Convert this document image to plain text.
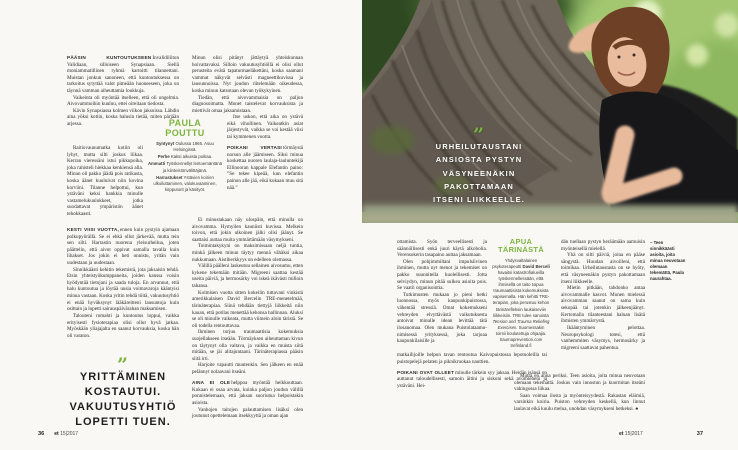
PÄÄSIN KUNTOUTUKSEENInvalidiliiton Validiaan, silloiseen Synapsiaan. Siellä moniammatillinen ryhmä kartoitti tilannettani. Muistan jonkun sanoneen, että kuntoutuksessa on tarkoitus sytyttää valot pimeään huoneeseen, joka on täynnä vamman aiheuttamia loukkuja.

Vaikeinta oli myöntää itselleen, että oli ongelmia. Aivovammoihin kuuluu, ettei oireitaan tiedosta.

Kävin Synapsiassa kolmen viikon jaksoissa. Lähdin aina yöksi kotiin, koska halusin tietää, miten pärjään arjessa.

Raitiovaunumatka kotiin oli lyhyt, mutta silti joskus liikaa. Kerran vieressäni istui pikkupoika, joka rahisteli hiekkaa kenkiensä alla. Minun oli pakko jäädä pois ratikasta, koska äänet kuuluivat niin kovina korviini. Tilanne helpottui, kun ystäväni keksi hankkia minulle vastamelukuulokkeet, jotka suodattavat ympäristön äänet tehokkaasti.

PAULA
POUTTU
Syntynyt Oulussa 1966. Asuu Helsingissä.
Perhe Kaksi aikuista poikaa.
Ammatti Työskennellyt lentoemäntänä ja kiinteistönvälittäjänä.
Harrastukset Ystävien koirien ulkoiluttaminen, valokuvaaminen, kirpputorit ja käsityöt.

KESTI VIISI VUOTTA,ennen kuin pystyin ajamaan polkupyörällä. Se ei ehkä ollut järkevää, mutta tein sen silti. Harrastin nuorena yleisurheilua, joten päättelin, että aivot oppivat samalla tavalla kuin lihakset. Jos jokin ei heti onnistu, yritän vain uudestaan ja uudestaan.

Sinnikkäästi kehitin tekemistä, jota jaksaisin tehdä. Etsin yhteistyökumppaneita, joiden kanssa voisin hyödyntää tietojani ja saada tuloja. En arvannut, että halu kuntoutua ja löytää uusia voimavaroja kääntyisi minua vastaan. Koska yritin tehdä töitä, vakuutusyhtiö ei enää hyväksynyt lääkäreitteni lausuntoja kuin osittain ja lopetti sairauspäivärahan maksamisen.

Talouteni romahti ja kuntoutus loppui, vaikka erityisesti fysioterapiaa olisi ollut hyvä jatkaa. Myöskään yliajajalta en saanut korvauksia, koska hän oli varaton.

”
YRITTÄMINEN
KOSTAUTUI.
VAKUUTUSYHTIÖ
LOPETTI TUEN.

Minun olisi pitänyt jättäytyä yhteiskunnan hoivattavaksi. Silloin vakuutusyhtiöllä ei olisi ollut perusteita evätä tapaturmaeläkettäni, koska saamani vammat näkyvät selvästi magneettikuvissa ja lausunnoissa. Nyt joudun riitelemään oikeudessa, koska minun katsotaan olevan työkykyinen.

Tiedän, että aivovammaisia on paljon diagnosoimatta. Monet taistelevat korvauksista ja miettivät omaa jaksamistaan.

Itse uskon, että aika on ystävä eikä vihollinen. Vaikeatkin asiat järjestyvät, vaikka se voi kestää viisi tai kymmenen vuotta.

POIKANI VERTASItörmäystä norsun alle jäämiseen. Siksi minua koskettaa nuoren laulaja-lauluntekijä Ellinooran kappale Elefantin paino: ”Se tekee kipeää, kun elefantin painon alle jää, eikä kukaan muu sitä nää.”

Ei minustakaan näy ulospäin, että minulla on aivovamma. Hymyilen kauniisti kuvissa. Melkein toivon, että jokin ulkoinen jälki olisi jäänyt. Se saattaisi auttaa muita ymmärtämään väsymykseni.

Toimintakykyni on maksimissaan neljä tuntia, minkä jälkeen minun täytyy mennä vähäksi aikaa nukkumaan. Aistiherkkyys on edelleen olemassa.

Välillä päälleni laskeutuu sellainen aivosumu, etten kykene tekemään mitään. Migreeni saattaa kestää useita päiviä, ja hermosärky voi iskeä ikävästi milloin tahansa.

Kolmisen vuotta sitten kokeilin tuttavani vinkistä amerikkalaisen David Bercelin TRE-menetelmää, tärinäterapiaa. Siinä tehdään tiettyjä liikkeitä niin kauan, että potilas menettää kehonsa hallinnan. Aluksi se oli minulle vaikeata, mutta viimein aloin täristä. Se oli todella rentouttavaa.

Ihminen torjuu traumaattisia kokemuksia suojellakseen itseään. Törmäyksen aiheuttaman kivun on täytynyt olla valtava, ja vaikka en muista siitä mitään, se jäi alitajuntaani. Tärinäterapiassa pääsin siitä irti.

Harjoite vapautti muutenkin. Sen jälkeen en enää pelännyt nolaavani itseäni.

AINA EI OLEhelppoa myöntää heikkouttaan. Kukaan ei osaa arvata, kuinka paljon joudun välillä ponnistelemaan, että jaksan suoriutua helpoistakin asioista.

Vanhojen taitojen palauttamisen lisäksi olen joutunut opettelemaan itsekkyyttä ja oman ajan

36 et
15|2017
”
URHEILUTAUSTANI
ANSIOSTA PYSTYN
VÄSYNEENÄKIN
PAKOTTAMAAN
ITSENI LIIKKEELLE.

ottamista. Syön terveellisesti ja säännöllisesti enkä juuri käytä alkoholia. Verensokerin tasapaino auttaa jaksamaan.

Olen pohjimmiltani impulsiivinen ihminen, mutta nyt menot ja tekemiset on pakko suunnitella huolellisesti. Jotta selviydyn, minun pitää sulkea asioita pois. Se vaatii organisointia.

Tutkimusten mukaan jo pieni hetki luonnossa, myös kaupunkipuistossa, vähentää stressiä. Omat kokemukseni vehreyden elvyttävästä vaikutuksesta antoivat minulle idean levittää tätä ilosanomaa. Olen mukana Puistolataamo-nimisessä yrityksessä, joka tarjoaa kaupunkilaisille ja

matkailijoille helpon tavan rentoutua Kaivopuistossa lepotuoleilla tai puistopelejä pelaten ja piknikruokaa nauttien.

POIKANI OVAT OLLEETminulle tärkein syy jaksaa. Heidän isänsä on auttanut taloudellisesti, samoin äitini ja siskoni sekä avomieheni ja ystäväni. Hei-

APUA
TÄRINÄSTÄ
Yhdysvaltalainen psykoterapeutti David Berceli havaitsi katastrofialueilla työskennellessään, että ihmisellä on taito toipua traumaattisista kokemuksista vapisemalla. Hän kehitti TRE-terapian, joka perustuu kehon tärinärefleksin laukaiseviin liikkeisiin. TRE tulee sanoista Tension and Trauma Reliefing Exercises. Suomessakin toimii koulutettuja ohjaajia.
traumaprevention.com trefinland.fi

dän tuellaan pystyn heräämään aamuisin myönteisellä mielellä.

Yhä on silti päiviä, joina en pääse sängystä. Huudan aivoilleni, että toimikaa. Urheilutaustasta on se hyöty, että väsyneenäkin pystyn pakottamaan itseni liikkeelle.

Mietin pitkään, tahdonko antaa aivovammalle kasvot. Monen mielessä aivovamman saanut on sama kuin sekopää tai jotenkin jälkeenjäänyt. Kertomalla tilanteestani haluan lisätä ihmisten ymmärrystä.

Ikääntyminen pelottaa. Neuropsykologi totesi, että vanhemmiten väsymys, hermosärky ja migreeni saattavat pahentua.

Mutta en anna periksi. Teen asioita, joita minua neuvotaan olemaan tekemättä. Joskus vain innostun ja kuormitan itseäni vahingossa liikaa.

Saan voimaa ilosta ja myönteisyydestä. Rakastan eläimiä, varsinkin koiria. Puiston vehreyden keskellä, kun linnut laulavat eikä kuulu melua, unohdan väsymykseni hetkeksi. ●

– Teen sinnikkäästi asioita, joita minua neuvotaan olemaan tekemättä, Paula naurahtaa.
et 15|2017	37
